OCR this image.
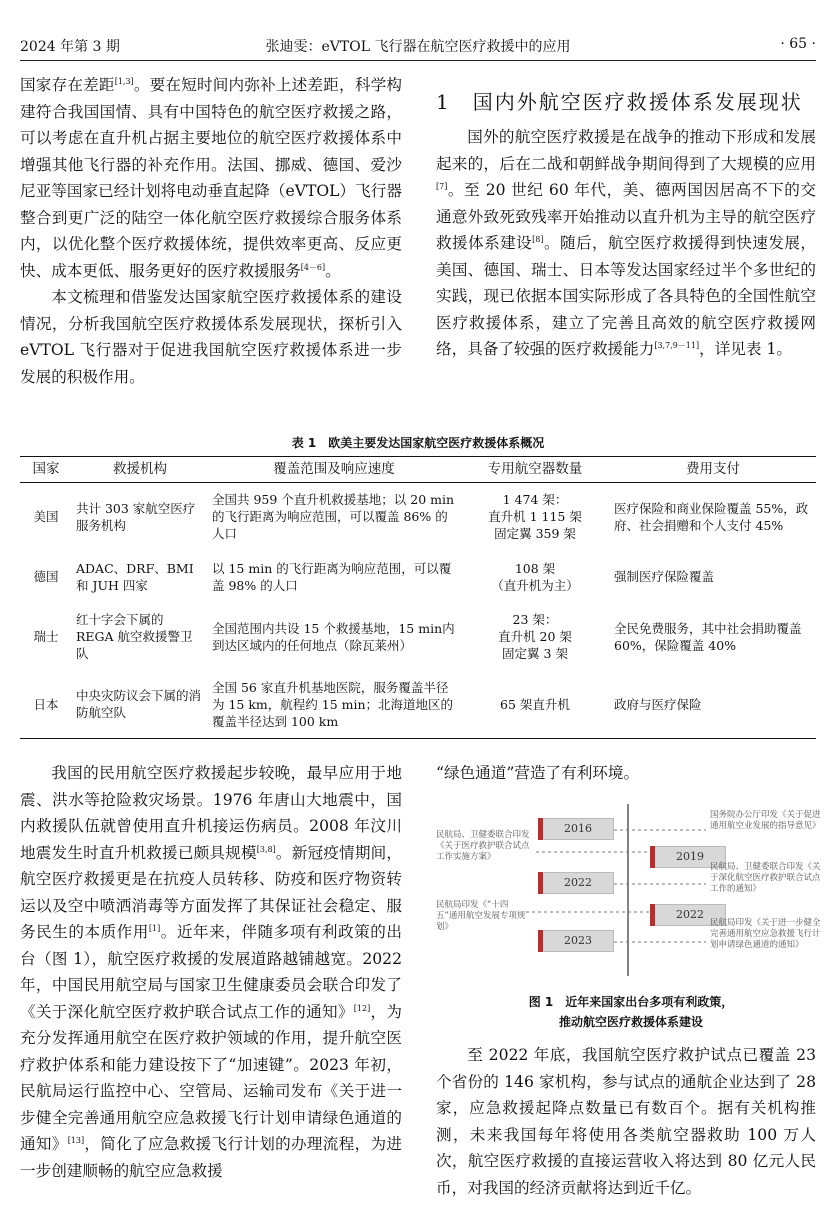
2024 年第 3 期	张迪雯：eVTOL 飞行器在航空医疗救援中的应用	· 65 ·

国家存在差距[1,3]。要在短时间内弥补上述差距，科学构建符合我国国情、具有中国特色的航空医疗救援之路，可以考虑在直升机占据主要地位的航空医疗救援体系中增强其他飞行器的补充作用。法国、挪威、德国、爱沙尼亚等国家已经计划将电动垂直起降（eVTOL）飞行器整合到更广泛的陆空一体化航空医疗救援综合服务体系内，以优化整个医疗救援体统，提供效率更高、反应更快、成本更低、服务更好的医疗救援服务[4－6]。

本文梳理和借鉴发达国家航空医疗救援体系的建设情况，分析我国航空医疗救援体系发展现状，探析引入 eVTOL 飞行器对于促进我国航空医疗救援体系进一步发展的积极作用。

1　国内外航空医疗救援体系发展现状

国外的航空医疗救援是在战争的推动下形成和发展起来的，后在二战和朝鲜战争期间得到了大规模的应用[7]。至 20 世纪 60 年代，美、德两国因居高不下的交通意外致死致残率开始推动以直升机为主导的航空医疗救援体系建设[8]。随后，航空医疗救援得到快速发展，美国、德国、瑞士、日本等发达国家经过半个多世纪的实践，现已依据本国实际形成了各具特色的全国性航空医疗救援体系，建立了完善且高效的航空医疗救援网络，具备了较强的医疗救援能力[3,7,9－11]，详见表 1。

表 1　欧美主要发达国家航空医疗救援体系概况
国家	救援机构	覆盖范围及响应速度	专用航空器数量	费用支付
美国	共计 303 家航空医疗服务机构	全国共 959 个直升机救援基地；以 20 min 的飞行距离为响应范围，可以覆盖 86% 的人口	1 474 架：
直升机 1 115 架
固定翼 359 架	医疗保险和商业保险覆盖 55%，政府、社会捐赠和个人支付 45%
德国	ADAC、DRF、BMI 和 JUH 四家	以 15 min 的飞行距离为响应范围，可以覆盖 98% 的人口	108 架
（直升机为主）	强制医疗保险覆盖
瑞士	红十字会下属的 REGA 航空救援警卫队	全国范围内共设 15 个救援基地，15 min内到达区域内的任何地点（除瓦莱州）	23 架：
直升机 20 架
固定翼 3 架	全民免费服务，其中社会捐助覆盖60%，保险覆盖 40%
日本	中央灾防议会下属的消防航空队	全国 56 家直升机基地医院，服务覆盖半径为 15 km，航程约 15 min；北海道地区的覆盖半径达到 100 km	65 架直升机	政府与医疗保险

我国的民用航空医疗救援起步较晚，最早应用于地震、洪水等抢险救灾场景。1976 年唐山大地震中，国内救援队伍就曾使用直升机接运伤病员。2008 年汶川地震发生时直升机救援已颇具规模[3,8]。新冠疫情期间，航空医疗救援更是在抗疫人员转移、防疫和医疗物资转运以及空中喷洒消毒等方面发挥了其保证社会稳定、服务民生的本质作用[1]。近年来，伴随多项有利政策的出台（图 1），航空医疗救援的发展道路越铺越宽。2022 年，中国民用航空局与国家卫生健康委员会联合印发了《关于深化航空医疗救护联合试点工作的通知》[12]，为充分发挥通用航空在医疗救护领域的作用，提升航空医疗救护体系和能力建设按下了“加速键”。2023 年初，民航局运行监控中心、空管局、运输司发布《关于进一步健全完善通用航空应急救援飞行计划申请绿色通道的通知》[13]，简化了应急救援飞行计划的办理流程，为进一步创建顺畅的航空应急救援

“绿色通道”营造了有利环境。

2016
2019
2022
2022
2023
国务院办公厅印发《关于促进通用航空业发展的指导意见》
民航局、卫健委联合印发《关于医疗救护联合试点工作实施方案》
民航局、卫健委联合印发《关于深化航空医疗救护联合试点工作的通知》
民航局印发《“十四五”通用航空发展专项规划》	民航局印发《关于进一步健全完善通用航空应急救援飞行计划申请绿色通道的通知》
图 1　近年来国家出台多项有利政策，
推动航空医疗救援体系建设

至 2022 年底，我国航空医疗救护试点已覆盖 23 个省份的 146 家机构，参与试点的通航企业达到了 28 家，应急救援起降点数量已有数百个。据有关机构推测，未来我国每年将使用各类航空器救助 100 万人次，航空医疗救援的直接运营收入将达到 80 亿元人民币，对我国的经济贡献将达到近千亿。
